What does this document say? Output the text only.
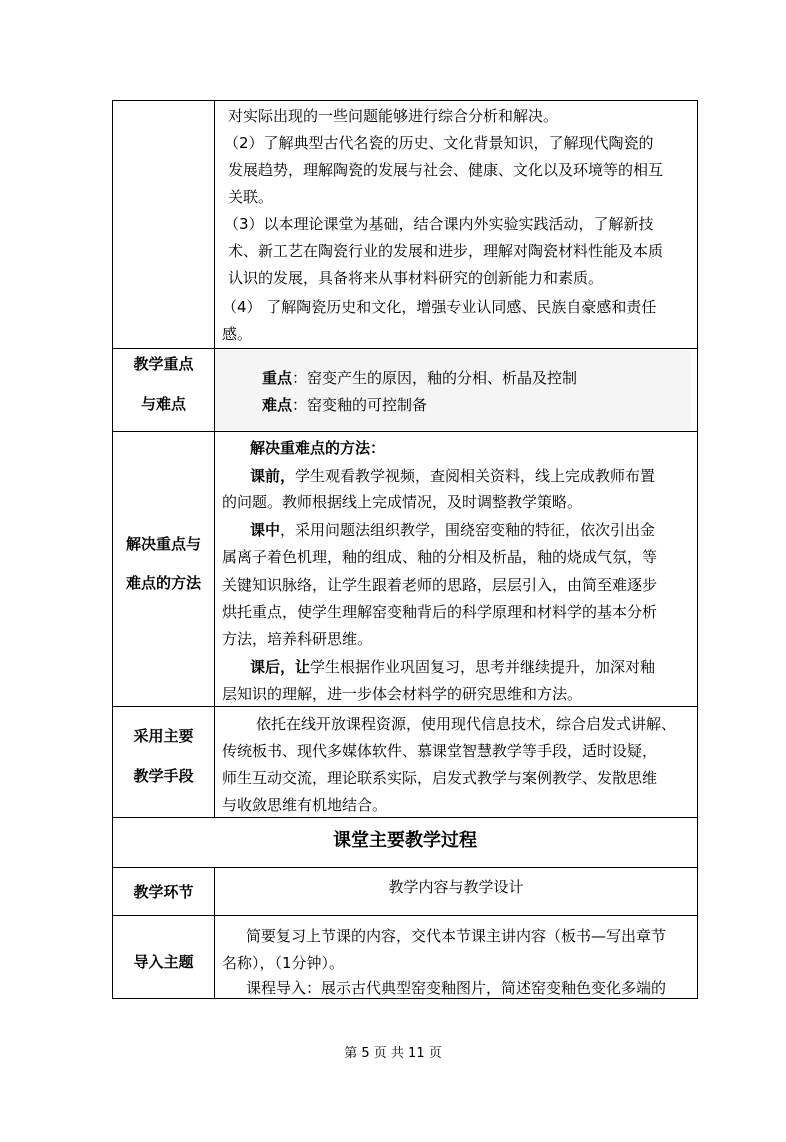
对实际出现的一些问题能够进行综合分析和解决。
（2）了解典型古代名瓷的历史、文化背景知识，了解现代陶瓷的
发展趋势，理解陶瓷的发展与社会、健康、文化以及环境等的相互
关联。
（3）以本理论课堂为基础，结合课内外实验实践活动，了解新技
术、新工艺在陶瓷行业的发展和进步，理解对陶瓷材料性能及本质
认识的发展，具备将来从事材料研究的创新能力和素质。
（4） 了解陶瓷历史和文化，增强专业认同感、民族自豪感和责任
感。
教学重点
与难点
重点：窑变产生的原因，釉的分相、析晶及控制
难点：窑变釉的可控制备
解决重点与
难点的方法
解决重难点的方法：
课前，学生观看教学视频，查阅相关资料，线上完成教师布置
的问题。教师根据线上完成情况，及时调整教学策略。
课中，采用问题法组织教学，围绕窑变釉的特征，依次引出金
属离子着色机理，釉的组成、釉的分相及析晶，釉的烧成气氛，等
关键知识脉络，让学生跟着老师的思路，层层引入，由简至难逐步
烘托重点，使学生理解窑变釉背后的科学原理和材料学的基本分析
方法，培养科研思维。
课后，让学生根据作业巩固复习，思考并继续提升，加深对釉
层知识的理解，进一步体会材料学的研究思维和方法。
采用主要
教学手段
依托在线开放课程资源，使用现代信息技术，综合启发式讲解、
传统板书、现代多媒体软件、慕课堂智慧教学等手段，适时设疑，
师生互动交流，理论联系实际，启发式教学与案例教学、发散思维
与收敛思维有机地结合。
课堂主要教学过程
教学环节	教学内容与教学设计
导入主题
简要复习上节课的内容，交代本节课主讲内容（板书—写出章节
名称），（1分钟）。
课程导入：展示古代典型窑变釉图片，简述窑变釉色变化多端的
第 5 页 共 11 页
